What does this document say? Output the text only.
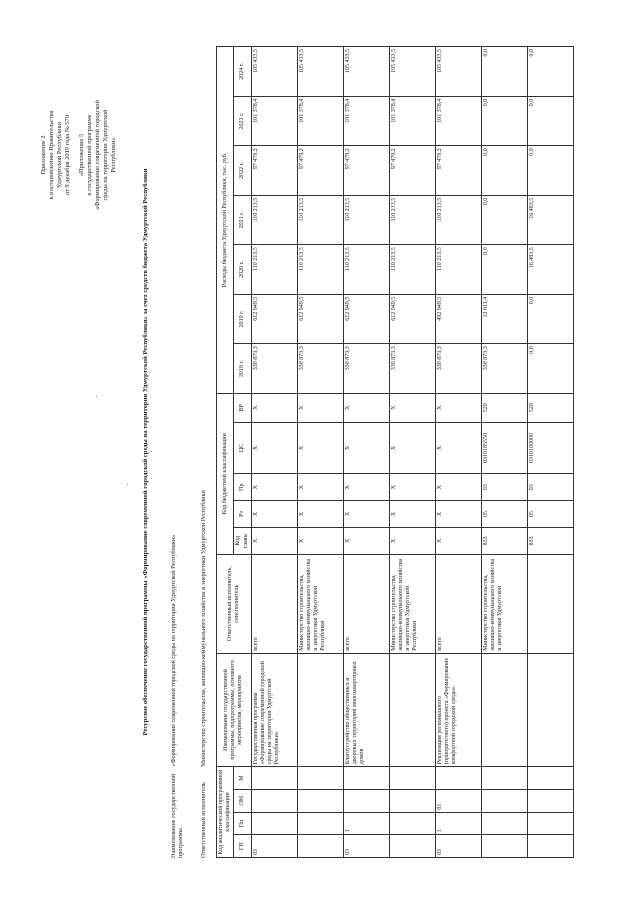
Приложение 2 к постановлению Правительства Удмуртской Республики от 9 декабря 2019 года № 570 «Приложение 5 к государственной программе «Формирование современной городской среды на территории Удмуртской Республики»
Ресурсное обеспечение государственной программы «Формирование современной городской среды на территории Удмуртской Республики» за счет средств бюджета Удмуртской Республики
Наименование государственной программы «Формирование современной городской среды на территории Удмуртской Республики»
Ответственный исполнитель Министерство строительства, жилищно-коммунального хозяйства и энергетики Удмуртской Республики
Код аналитической программной классификации				Наименование государственной программы, подпрограммы, основного мероприятия, мероприятия	Ответственный исполнитель, соисполнитель	Код бюджетной классификации					Расходы бюджета Удмуртской Республики, тыс. руб.						
ГП	Пп	ОМ	М			Код главы	Рз	Пр	ЦС	ВР	2018 г.	2019 г.	2020 г.	2021 г.	2022 г.	2023 г.	2024 г.
03				Государственная программа «Формирование современной городской среды на территории Удмуртской Республики»	всего	Х	Х	Х	Х	Х	330 873,3	612 949,5	110 213,5	110 213,5	97 479,2	101 378,4	105 433,5
					Министерство строительства, жилищно-коммунального хозяйства и энергетики Удмуртской Республики	Х	Х	Х	Х	Х	330 873,3	612 949,5	110 213,5	110 213,5	97 479,2	101 378,4	105 433,5
03	1			Благоустройство общественных и дворовых территорий многоквартирных домов	всего	Х	Х	Х	Х	Х	330 873,3	612 949,5	110 213,5	110 213,5	97 479,2	101 378,4	105 433,5
					Министерство строительства, жилищно-коммунального хозяйства и энергетики Удмуртской Республики	Х	Х	Х	Х	Х	330 873,3	612 949,5	110 213,5	110 213,5	97 479,2	101 378,4	105 433,5
03	1	01		Реализация регионального (приоритетного) проекта «Формирование комфортной городской среды»	всего	Х	Х	Х	Х	Х	330 873,3	492 949,5	110 213,5	110 213,5	97 479,2	101 378,4	105 433,5
					Министерство строительства, жилищно-коммунального хозяйства и энергетики Удмуртской	833	05	03	0310185550	520	330 873,3	12 811,4	0,0	0,0	0,0	0,0	0,0
						833	05	03	0310100000	520	0,0	0,0	16 483,5	16 483,5	0,0	0,0	0,0
